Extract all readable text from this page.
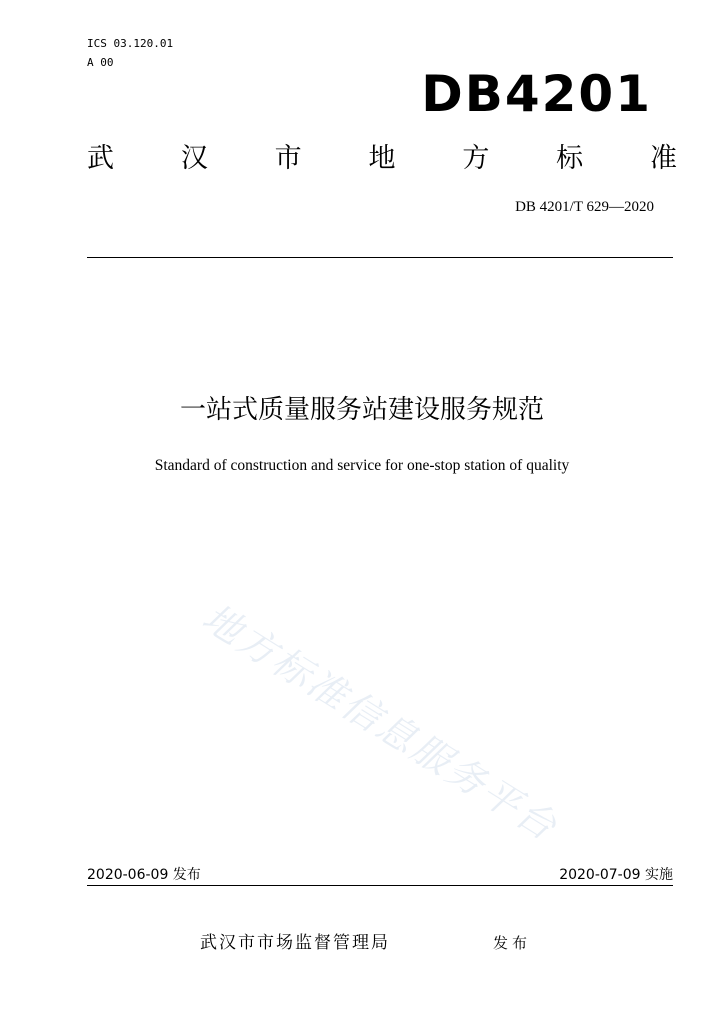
ICS 03.120.01
A 00
DB4201
武 汉 市 地 方 标 准
DB 4201/T 629—2020
一站式质量服务站建设服务规范
Standard of construction and service for one-stop station of quality
地方标准信息服务平台
2020-06-09 发布	2020-07-09 实施
武汉市市场监督管理局	发布
